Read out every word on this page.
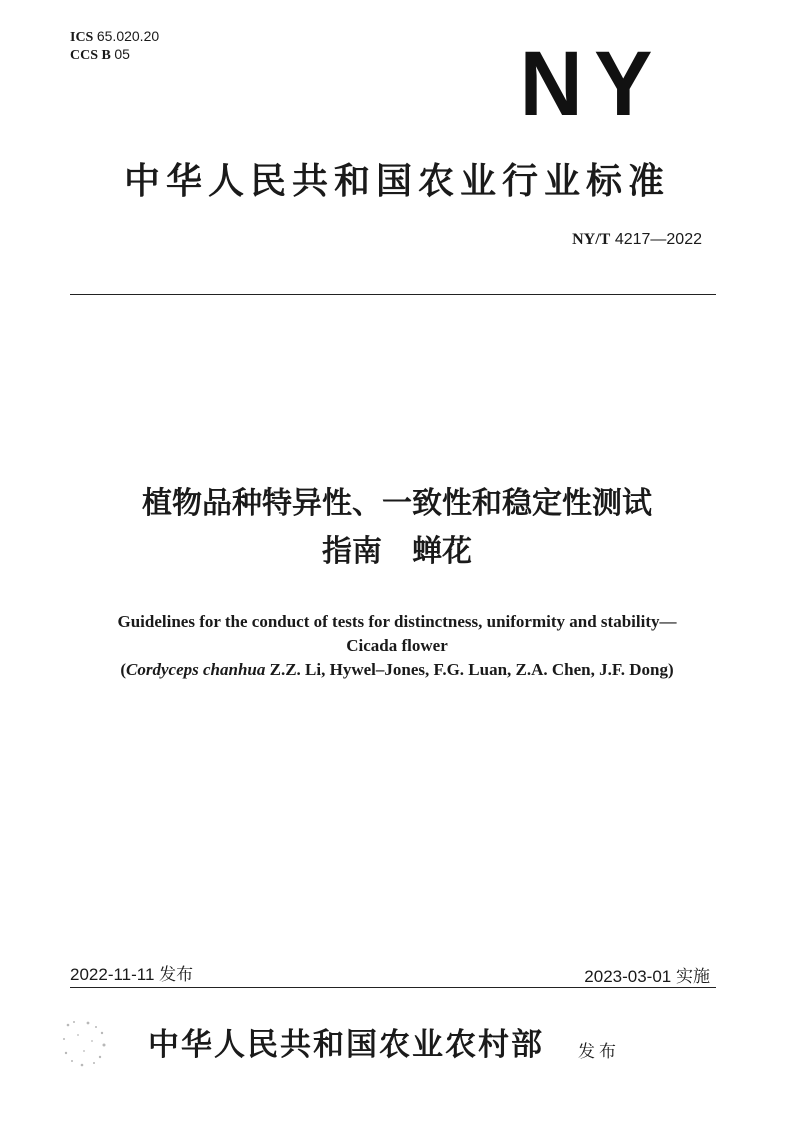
ICS 65.020.20
CCS B 05	NY
中华人民共和国农业行业标准
NY/T 4217—2022
植物品种特异性、一致性和稳定性测试
指南　蝉花
Guidelines for the conduct of tests for distinctness, uniformity and stability—
Cicada flower
(Cordyceps chanhua Z.Z. Li, Hywel–Jones, F.G. Luan, Z.A. Chen, J.F. Dong)
2022-11-11 发布	2023-03-01 实施
中华人民共和国农业农村部 发布
